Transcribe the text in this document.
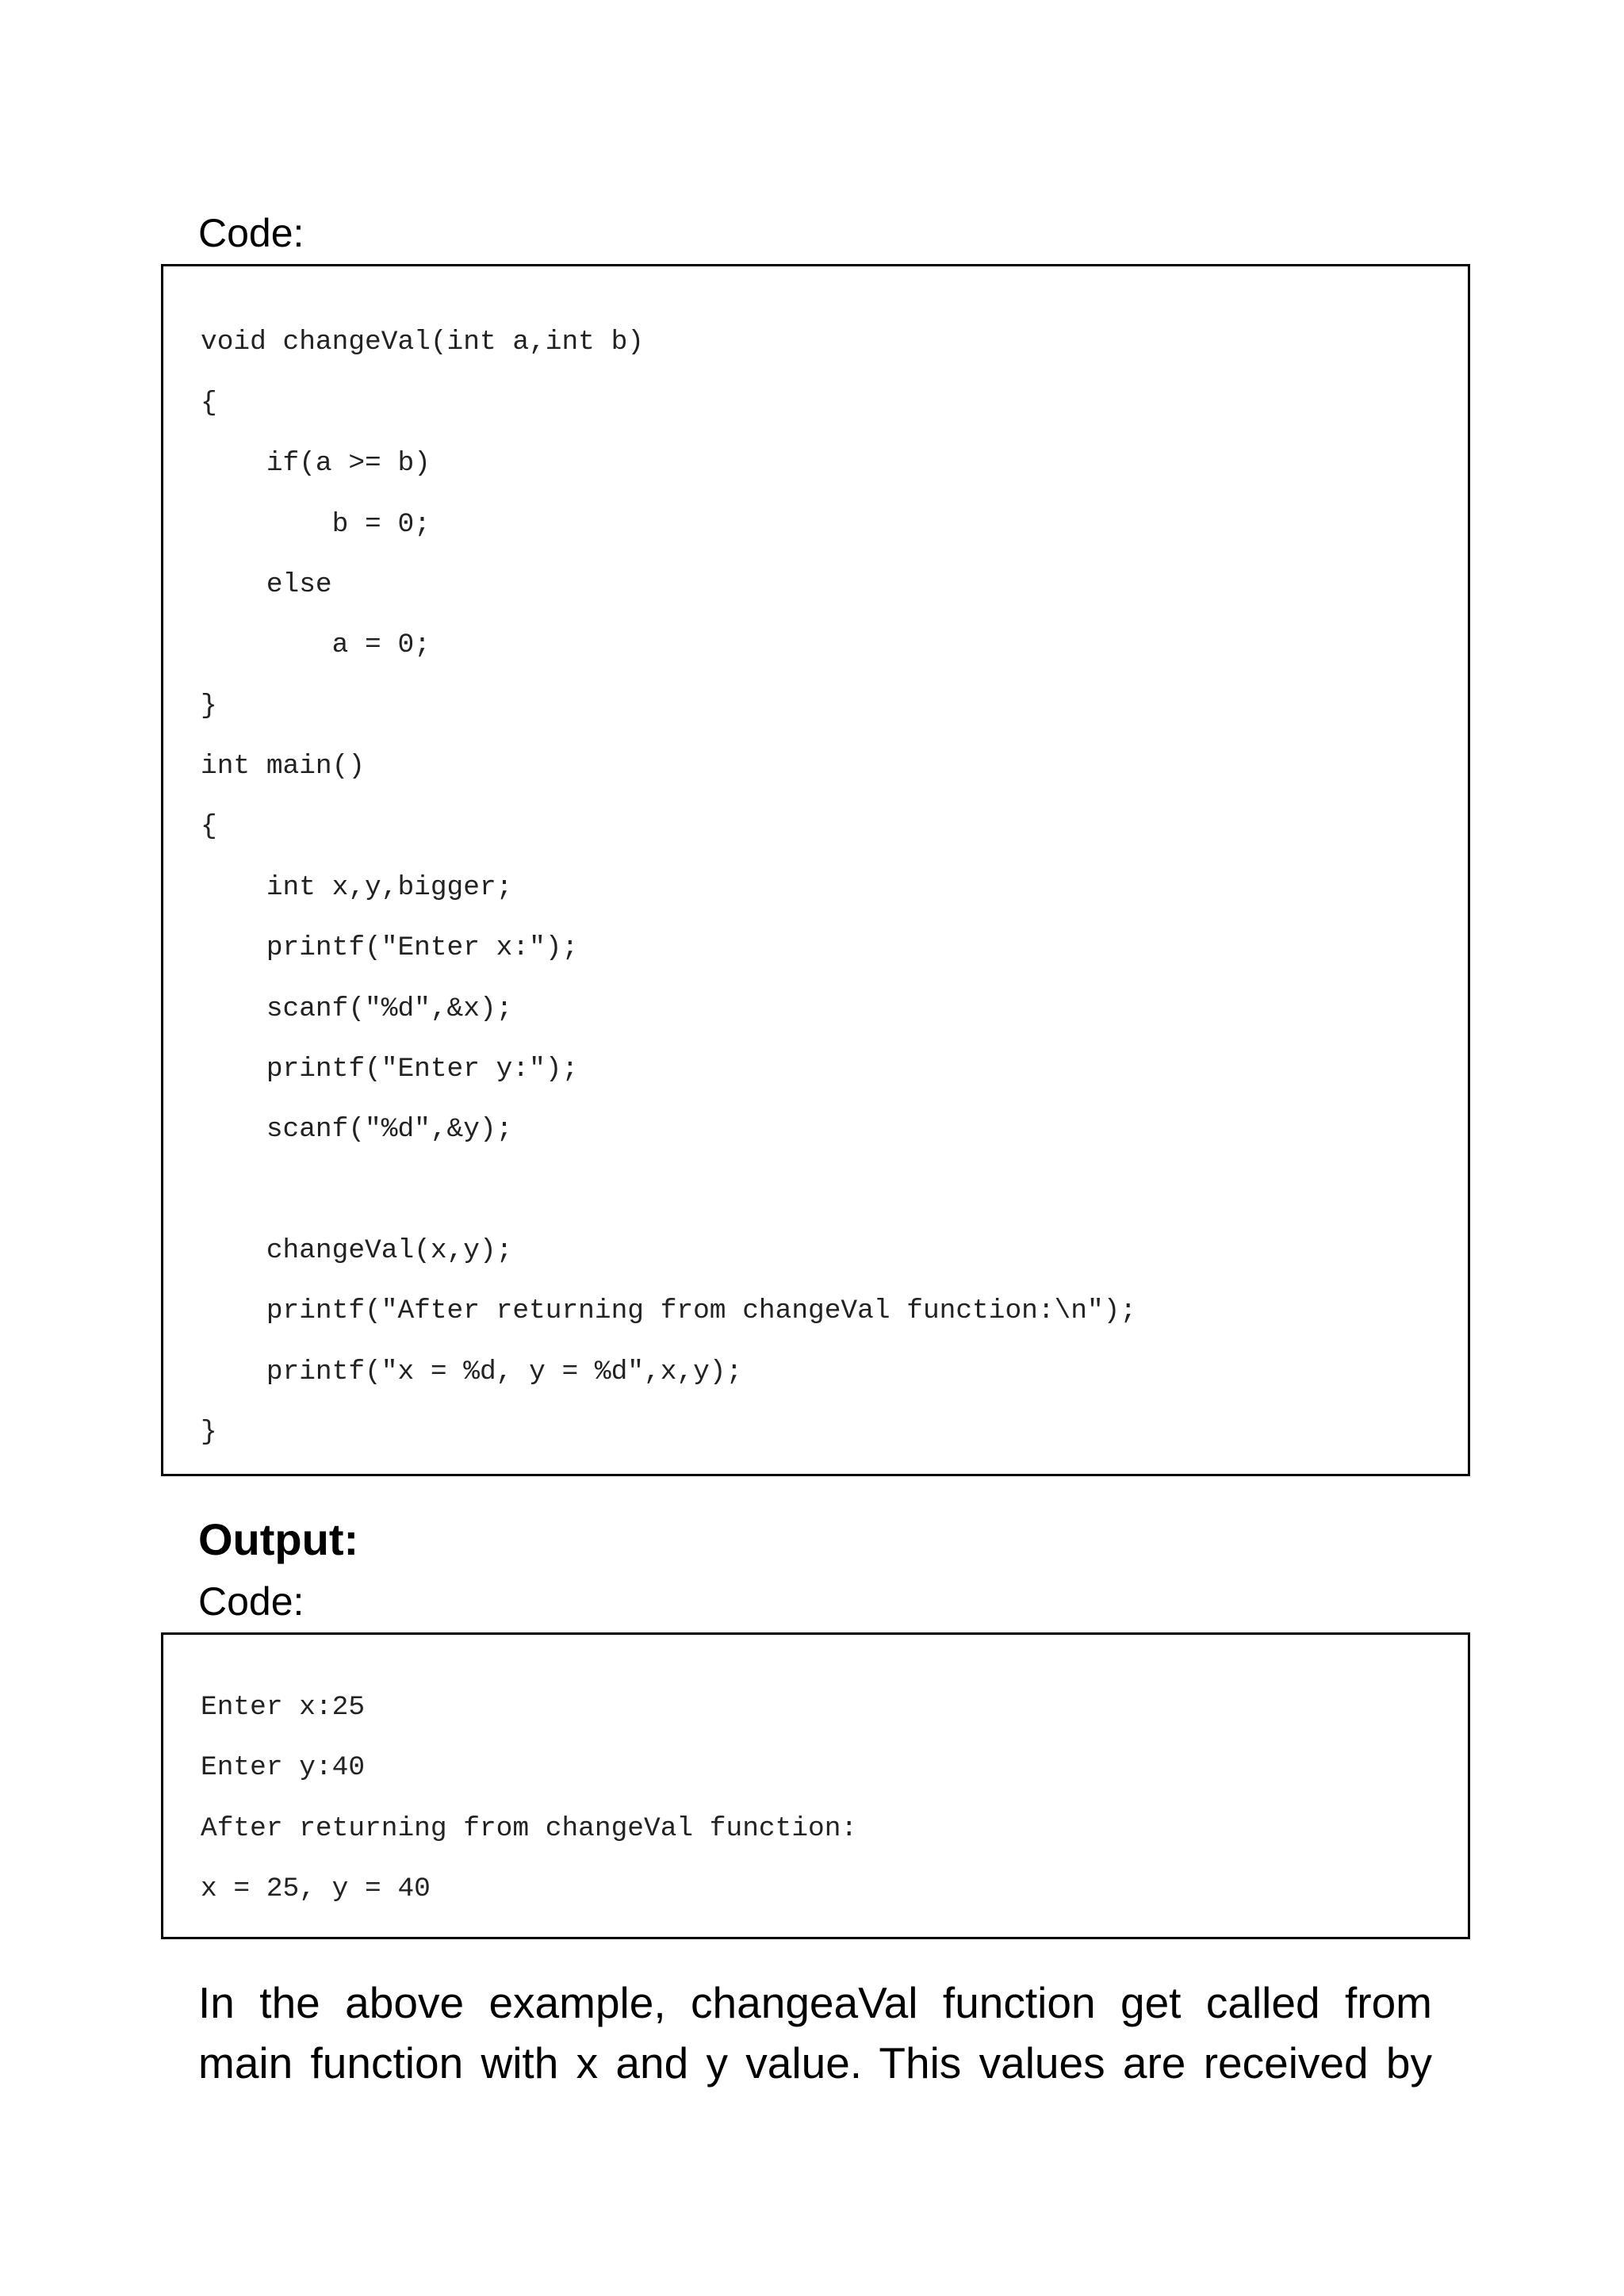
Code:
void changeVal(int a,int b)
{
if(a >= b)
b = 0;
else
a = 0;
}
int main()
{
int x,y,bigger;
printf("Enter x:");
scanf("%d",&x);
printf("Enter y:");
scanf("%d",&y);
changeVal(x,y);
printf("After returning from changeVal function:\n");
printf("x = %d, y = %d",x,y);
}
Output:
Code:
Enter x:25
Enter y:40
After returning from changeVal function:
x = 25, y = 40
In the above example, changeaVal function get called from
main function with x and y value. This values are received by
